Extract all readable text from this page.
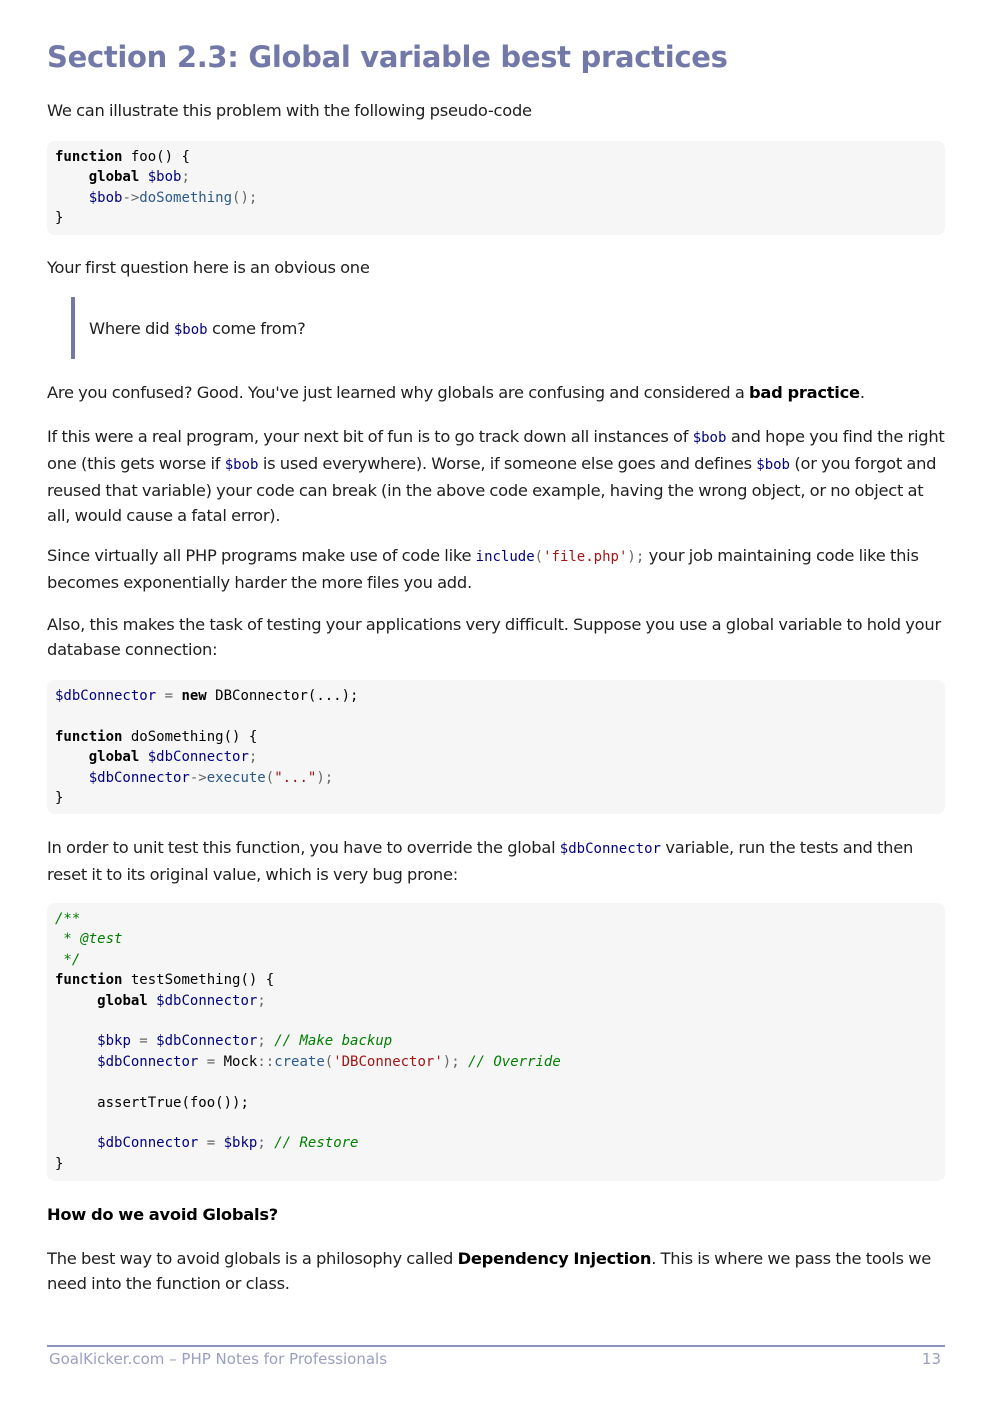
Section 2.3: Global variable best practices

We can illustrate this problem with the following pseudo-code

function foo() {
global $bob;
$bob->doSomething();
}

Your first question here is an obvious one

Where did $bob come from?

Are you confused? Good. You've just learned why globals are confusing and considered a bad practice.

If this were a real program, your next bit of fun is to go track down all instances of $bob and hope you find the right one (this gets worse if $bob is used everywhere). Worse, if someone else goes and defines $bob (or you forgot and reused that variable) your code can break (in the above code example, having the wrong object, or no object at all, would cause a fatal error).

Since virtually all PHP programs make use of code like include('file.php'); your job maintaining code like this becomes exponentially harder the more files you add.

Also, this makes the task of testing your applications very difficult. Suppose you use a global variable to hold your database connection:

$dbConnector = new DBConnector(...);

function doSomething() {
global $dbConnector;
$dbConnector->execute("...");
}

In order to unit test this function, you have to override the global $dbConnector variable, run the tests and then reset it to its original value, which is very bug prone:

/**
* @test
*/
function testSomething() {
global $dbConnector;

$bkp = $dbConnector; // Make backup
$dbConnector = Mock::create('DBConnector'); // Override

assertTrue(foo());

$dbConnector = $bkp; // Restore
}

How do we avoid Globals?

The best way to avoid globals is a philosophy called Dependency Injection. This is where we pass the tools we need into the function or class.

GoalKicker.com – PHP Notes for Professionals	13
